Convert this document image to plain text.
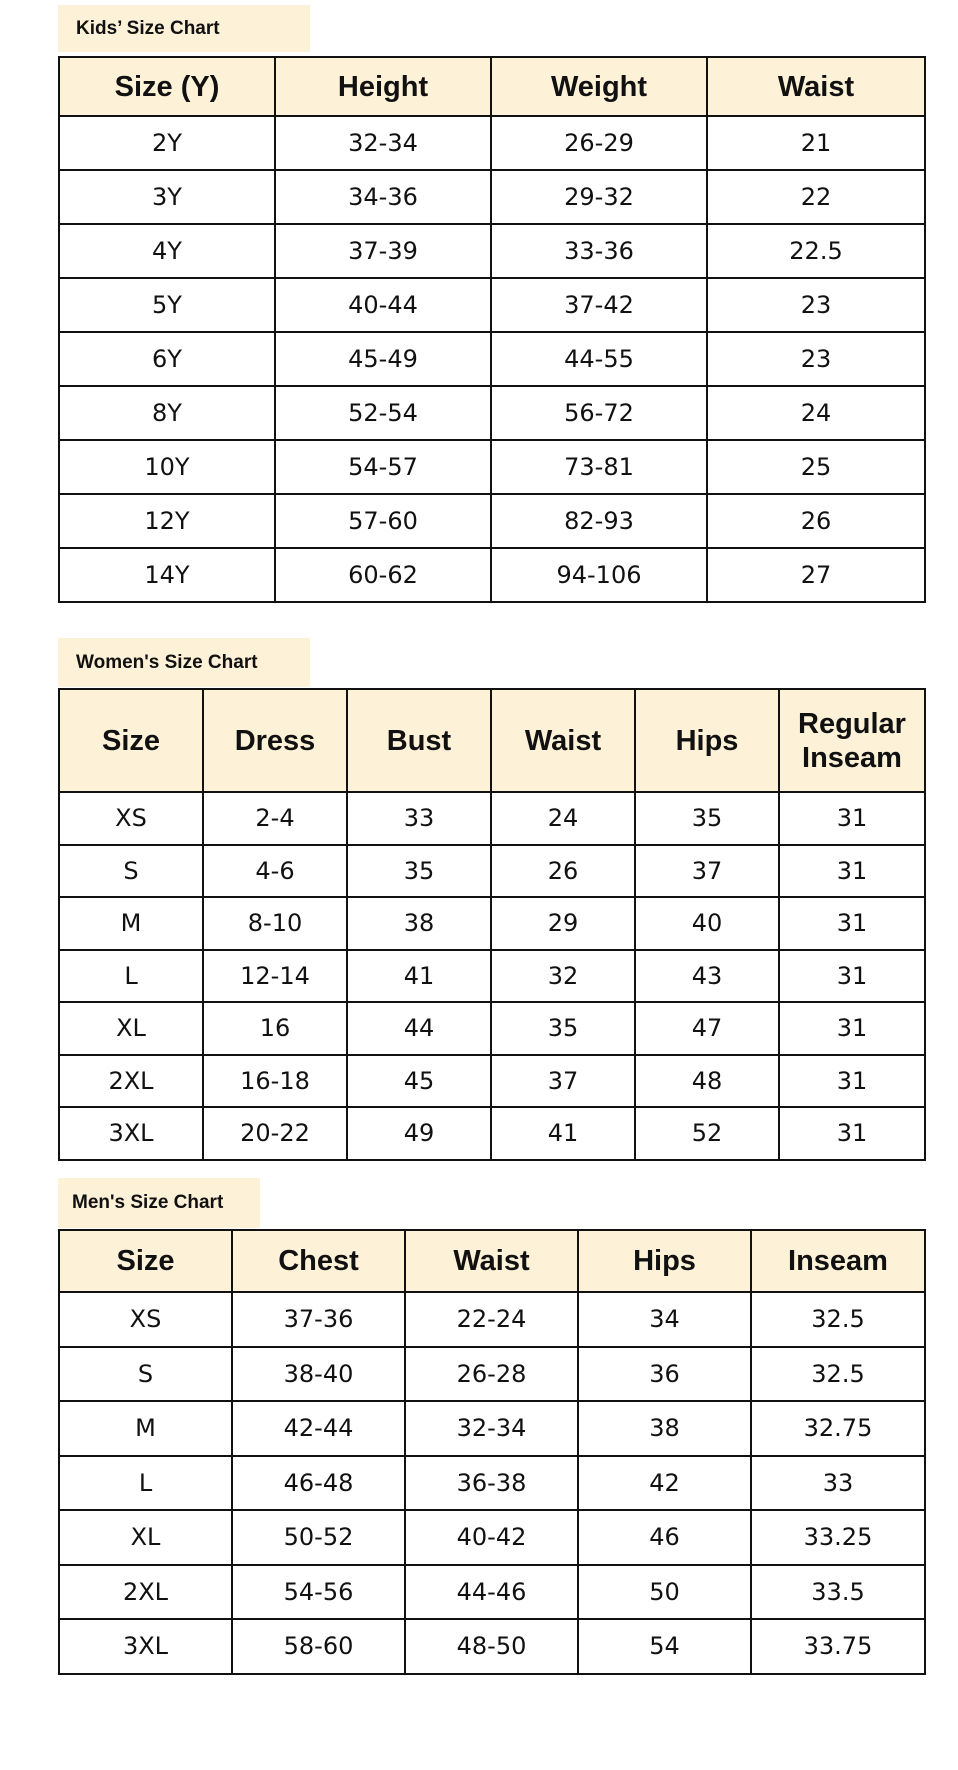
Kids’ Size Chart
Size (Y)	Height	Weight	Waist
2Y	32-34	26-29	21
3Y	34-36	29-32	22
4Y	37-39	33-36	22.5
5Y	40-44	37-42	23
6Y	45-49	44-55	23
8Y	52-54	56-72	24
10Y	54-57	73-81	25
12Y	57-60	82-93	26
14Y	60-62	94-106	27
Women's Size Chart
Size	Dress	Bust	Waist	Hips	Regular
Inseam
XS	2-4	33	24	35	31
S	4-6	35	26	37	31
M	8-10	38	29	40	31
L	12-14	41	32	43	31
XL	16	44	35	47	31
2XL	16-18	45	37	48	31
3XL	20-22	49	41	52	31
Men's Size Chart
Size	Chest	Waist	Hips	Inseam
XS	37-36	22-24	34	32.5
S	38-40	26-28	36	32.5
M	42-44	32-34	38	32.75
L	46-48	36-38	42	33
XL	50-52	40-42	46	33.25
2XL	54-56	44-46	50	33.5
3XL	58-60	48-50	54	33.75
